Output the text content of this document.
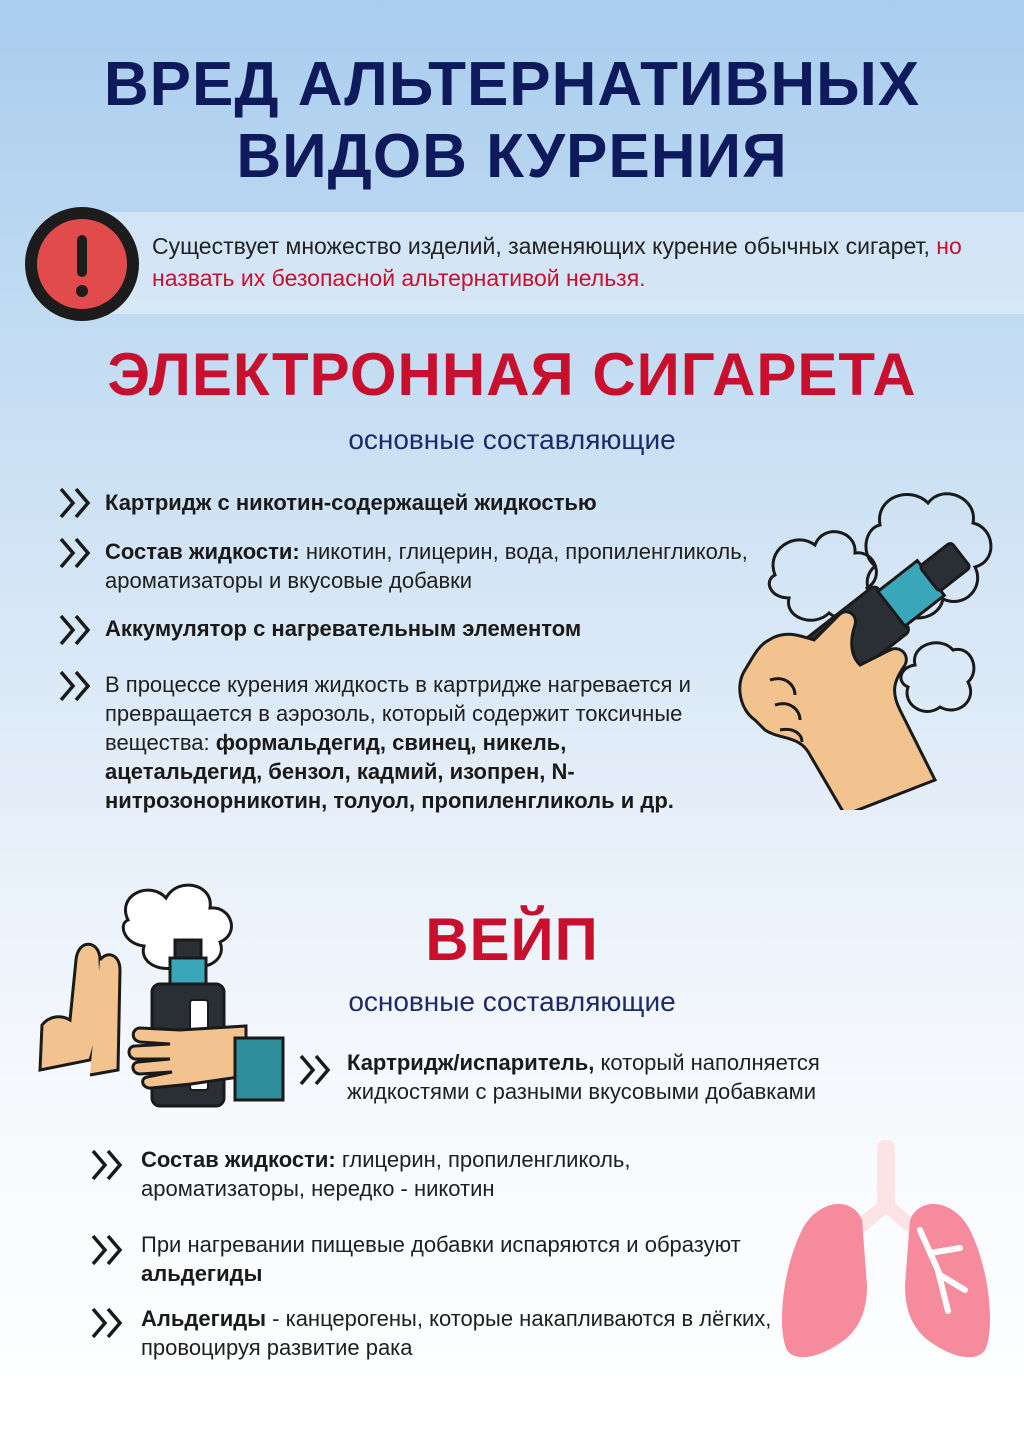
ВРЕД АЛЬТЕРНАТИВНЫХ
ВИДОВ КУРЕНИЯ
Существует множество изделий, заменяющих курение обычных сигарет, но назвать их безопасной альтернативой нельзя.
ЭЛЕКТРОННАЯ СИГАРЕТА
основные составляющие
Картридж с никотин-содержащей жидкостью
Состав жидкости: никотин, глицерин, вода, пропиленгликоль, ароматизаторы и вкусовые добавки
Аккумулятор с нагревательным элементом
В процессе курения жидкость в картридже нагревается и превращается в аэрозоль, который содержит токсичные вещества: формальдегид, свинец, никель, ацетальдегид, бензол, кадмий, изопрен, N-нитрозонорникотин, толуол, пропиленгликоль и др.
ВЕЙП
основные составляющие
Картридж/испаритель, который наполняется жидкостями с разными вкусовыми добавками
Состав жидкости: глицерин, пропиленгликоль, ароматизаторы, нередко - никотин
При нагревании пищевые добавки испаряются и образуют альдегиды
Альдегиды - канцерогены, которые накапливаются в лёгких, провоцируя развитие рака
